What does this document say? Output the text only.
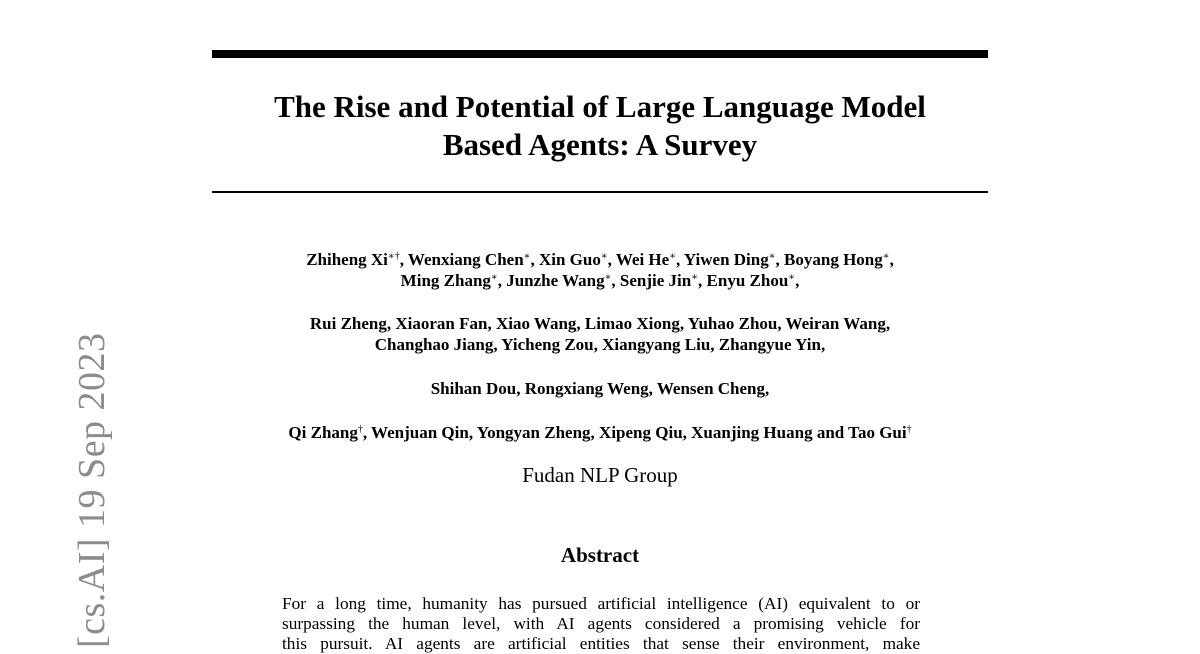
[cs.AI] 19 Sep 2023
The Rise and Potential of Large Language Model
Based Agents: A Survey
Zhiheng Xi∗†, Wenxiang Chen∗, Xin Guo∗, Wei He∗, Yiwen Ding∗, Boyang Hong∗,
Ming Zhang∗, Junzhe Wang∗, Senjie Jin∗, Enyu Zhou∗,
Rui Zheng, Xiaoran Fan, Xiao Wang, Limao Xiong, Yuhao Zhou, Weiran Wang,
Changhao Jiang, Yicheng Zou, Xiangyang Liu, Zhangyue Yin,
Shihan Dou, Rongxiang Weng, Wensen Cheng,
Qi Zhang†, Wenjuan Qin, Yongyan Zheng, Xipeng Qiu, Xuanjing Huang and Tao Gui†
Fudan NLP Group
Abstract
For a long time, humanity has pursued artificial intelligence (AI) equivalent to or
surpassing the human level, with AI agents considered a promising vehicle for
this pursuit. AI agents are artificial entities that sense their environment, make
